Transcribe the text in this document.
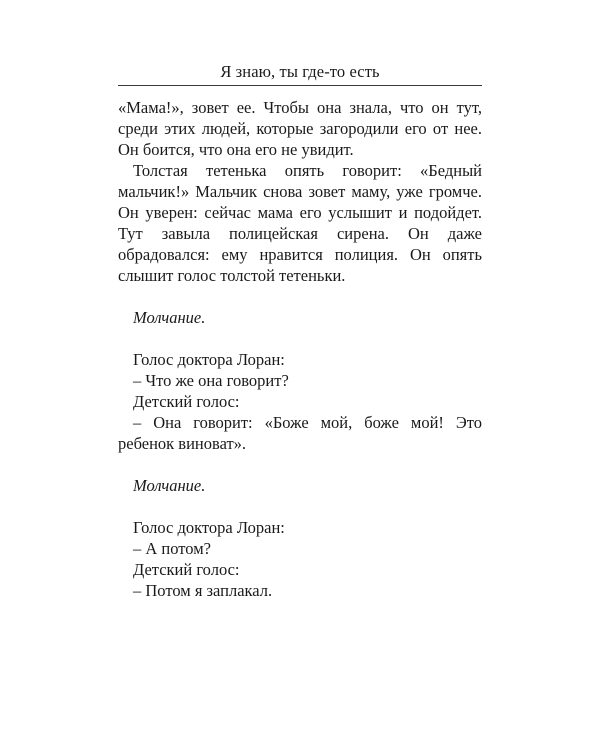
Я знаю, ты где-то есть

«Мама!», зовет ее. Чтобы она знала, что он тут, среди этих людей, которые загородили его от нее. Он боится, что она его не увидит.

Толстая тетенька опять говорит: «Бедный мальчик!» Мальчик снова зовет маму, уже громче. Он уверен: сейчас мама его услышит и подойдет. Тут завыла полицейская сирена. Он даже обрадовался: ему нравится полиция. Он опять слышит голос толстой тетеньки.

Молчание.

Голос доктора Лоран:

– Что же она говорит?

Детский голос:

– Она говорит: «Боже мой, боже мой! Это ребенок виноват».

Молчание.

Голос доктора Лоран:

– А потом?

Детский голос:

– Потом я заплакал.
